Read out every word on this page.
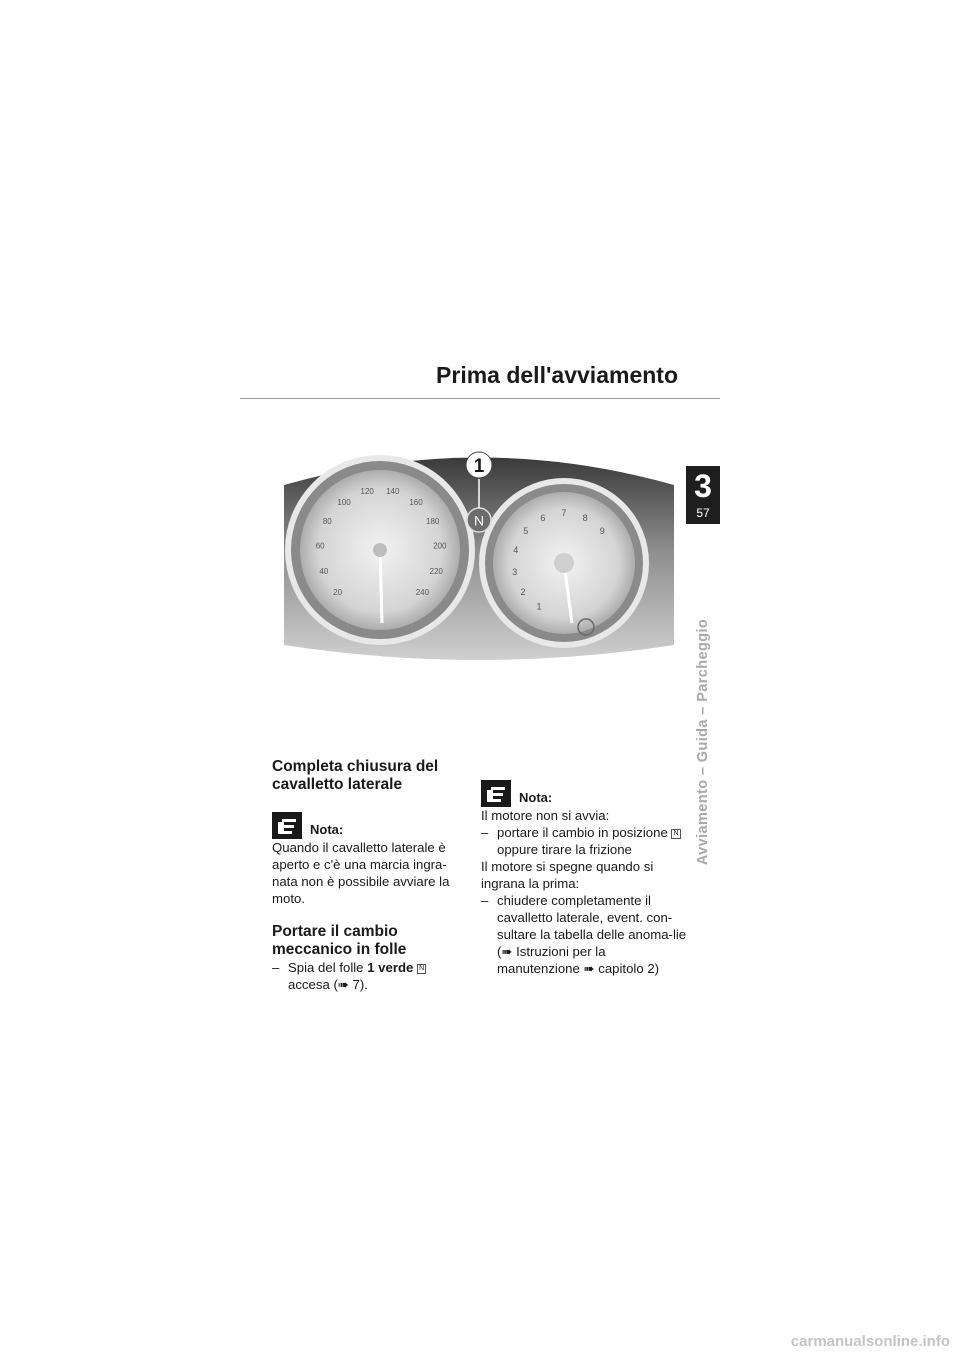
Prima dell'avviamento
3
57
Avviamento – Guida – Parcheggio
20
40
60
80
100
120 140
160
180
200
220
240
1
2
3
4
5
6 7 8
9
N
1
Completa chiusura del cavalletto laterale
Nota:

Quando il cavalletto laterale è aperto e c'è una marcia ingra-nata non è possibile avviare la moto.

Portare il cambio meccanico in folle
– Spia del folle 1 verde N accesa (➠ 7).
Nota:

Il motore non si avvia:

– portare il cambio in posizione N oppure tirare la frizione

Il motore si spegne quando si ingrana la prima:

– chiudere completamente il cavalletto laterale, event. con-sultare la tabella delle anoma-lie (➠ Istruzioni per la manutenzione ➠ capitolo 2)
carmanualsonline.info
